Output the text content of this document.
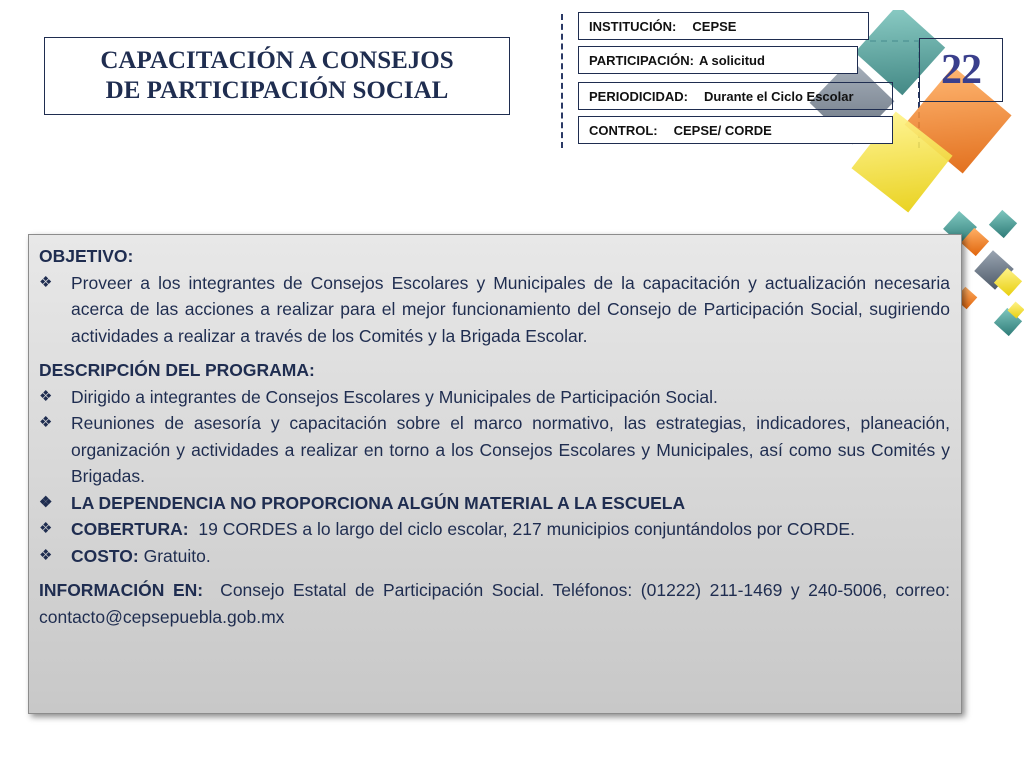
CAPACITACIÓN A CONSEJOS
DE PARTICIPACIÓN SOCIAL
INSTITUCIÓN: CEPSE
PARTICIPACIÓN: A solicitud
PERIODICIDAD: Durante el Ciclo Escolar
CONTROL: CEPSE/ CORDE
22

OBJETIVO:

❖ Proveer a los integrantes de Consejos Escolares y Municipales de la capacitación y actualización necesaria acerca de las acciones a realizar para el mejor funcionamiento del Consejo de Participación Social, sugiriendo actividades a realizar a través de los Comités y la Brigada Escolar.

DESCRIPCIÓN DEL PROGRAMA:

❖ Dirigido a integrantes de Consejos Escolares y Municipales de Participación Social.

❖ Reuniones de asesoría y capacitación sobre el marco normativo, las estrategias, indicadores, planeación, organización y actividades a realizar en torno a los Consejos Escolares y Municipales, así como sus Comités y Brigadas.

❖ LA DEPENDENCIA NO PROPORCIONA ALGÚN MATERIAL A LA ESCUELA

❖ COBERTURA:  19 CORDES a lo largo del ciclo escolar, 217 municipios conjuntándolos por CORDE.

❖ COSTO: Gratuito.

INFORMACIÓN EN:  Consejo Estatal de Participación Social. Teléfonos: (01222) 211-1469 y 240-5006, correo: contacto@cepsepuebla.gob.mx
